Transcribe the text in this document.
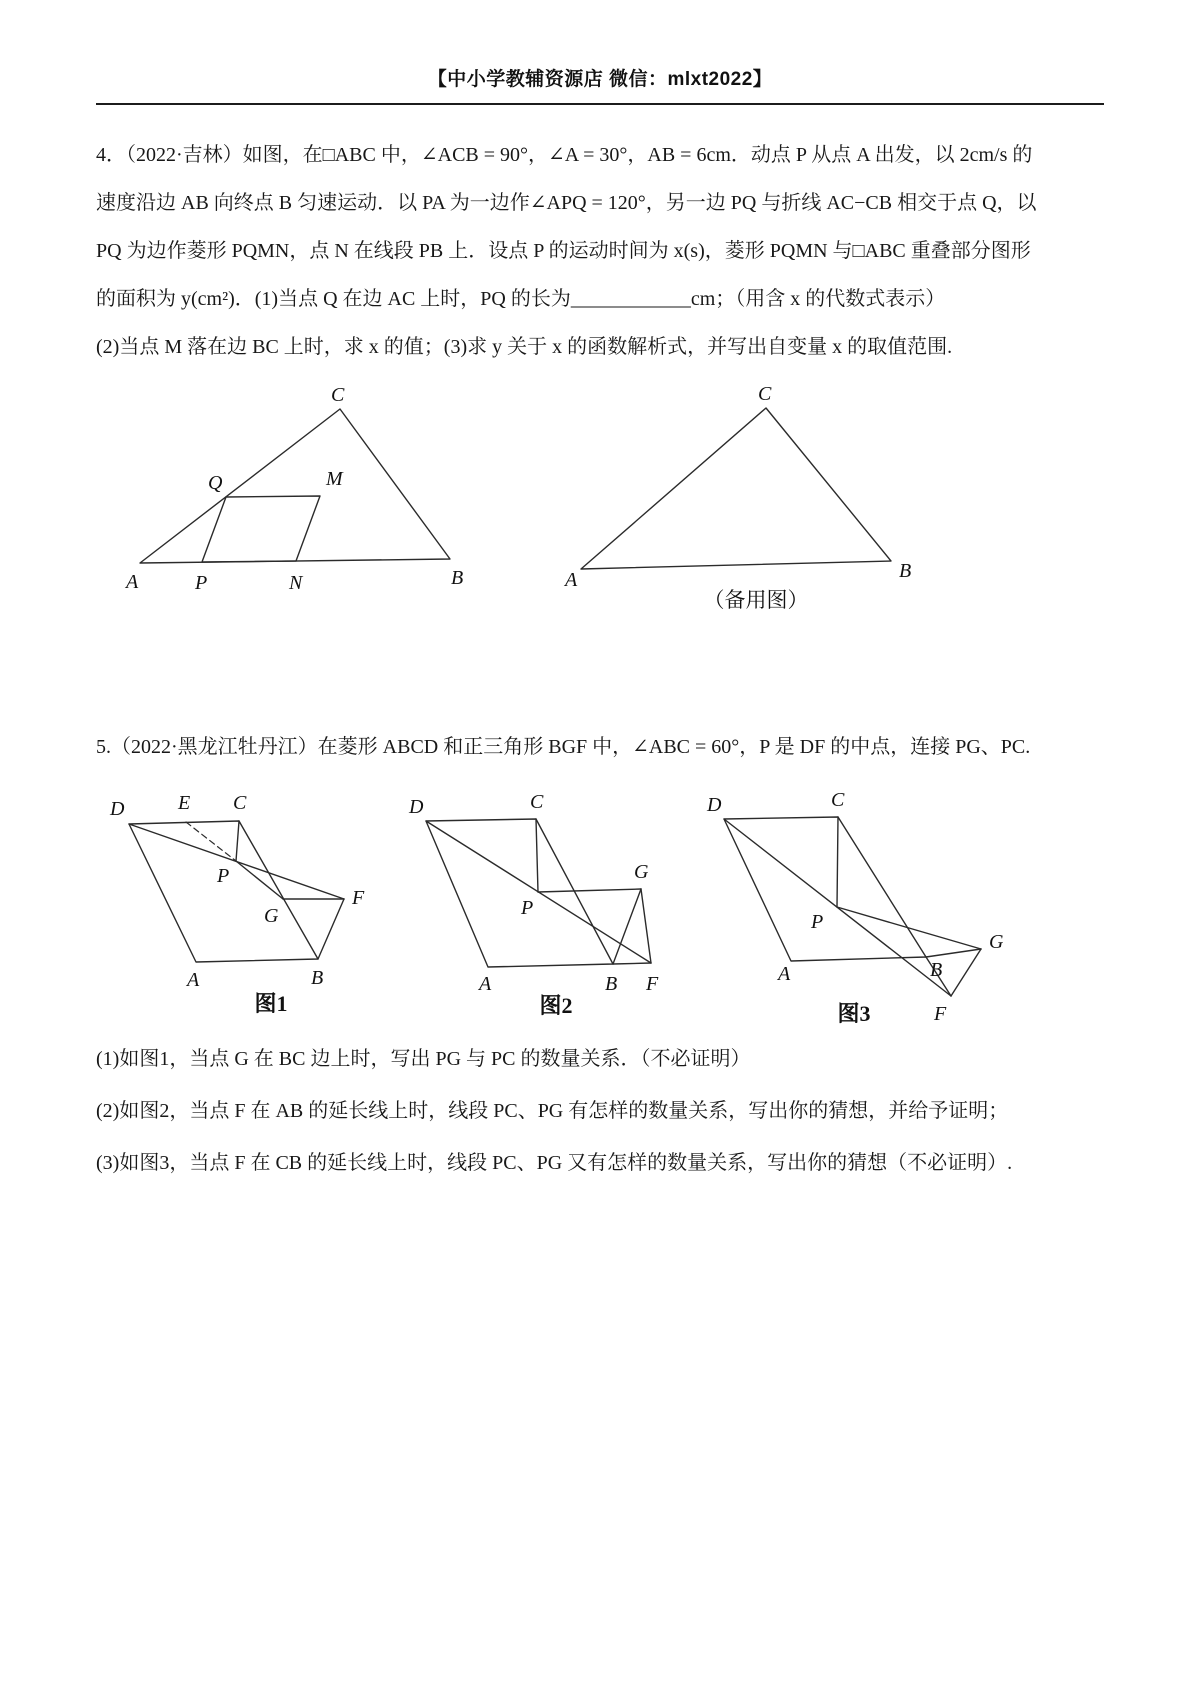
【中小学教辅资源店 微信：mlxt2022】

4．（2022·吉林）如图，在□ABC 中，∠ACB = 90°，∠A = 30°，AB = 6cm．动点 P 从点 A 出发，以 2cm/s 的

速度沿边 AB 向终点 B 匀速运动．以 PA 为一边作∠APQ = 120°，另一边 PQ 与折线 AC−CB 相交于点 Q，以

PQ 为边作菱形 PQMN，点 N 在线段 PB 上．设点 P 的运动时间为 x(s)，菱形 PQMN 与□ABC 重叠部分图形

的面积为 y(cm²)．(1)当点 Q 在边 AC 上时，PQ 的长为____________cm；（用含 x 的代数式表示）

(2)当点 M 落在边 BC 上时，求 x 的值；(3)求 y 关于 x 的函数解析式，并写出自变量 x 的取值范围.

C
Q	M
A	P	N	B
C
A	B
（备用图）

5.（2022·黑龙江牡丹江）在菱形 ABCD 和正三角形 BGF 中，∠ABC = 60°，P 是 DF 的中点，连接 PG、PC.

D	E C
P
G
F
A	B
图1
D	C
P
G
A	B F
图2
D	C
P
A	B
G
F
图3

(1)如图1，当点 G 在 BC 边上时，写出 PG 与 PC 的数量关系．（不必证明）

(2)如图2，当点 F 在 AB 的延长线上时，线段 PC、PG 有怎样的数量关系，写出你的猜想，并给予证明；

(3)如图3，当点 F 在 CB 的延长线上时，线段 PC、PG 又有怎样的数量关系，写出你的猜想（不必证明）.
